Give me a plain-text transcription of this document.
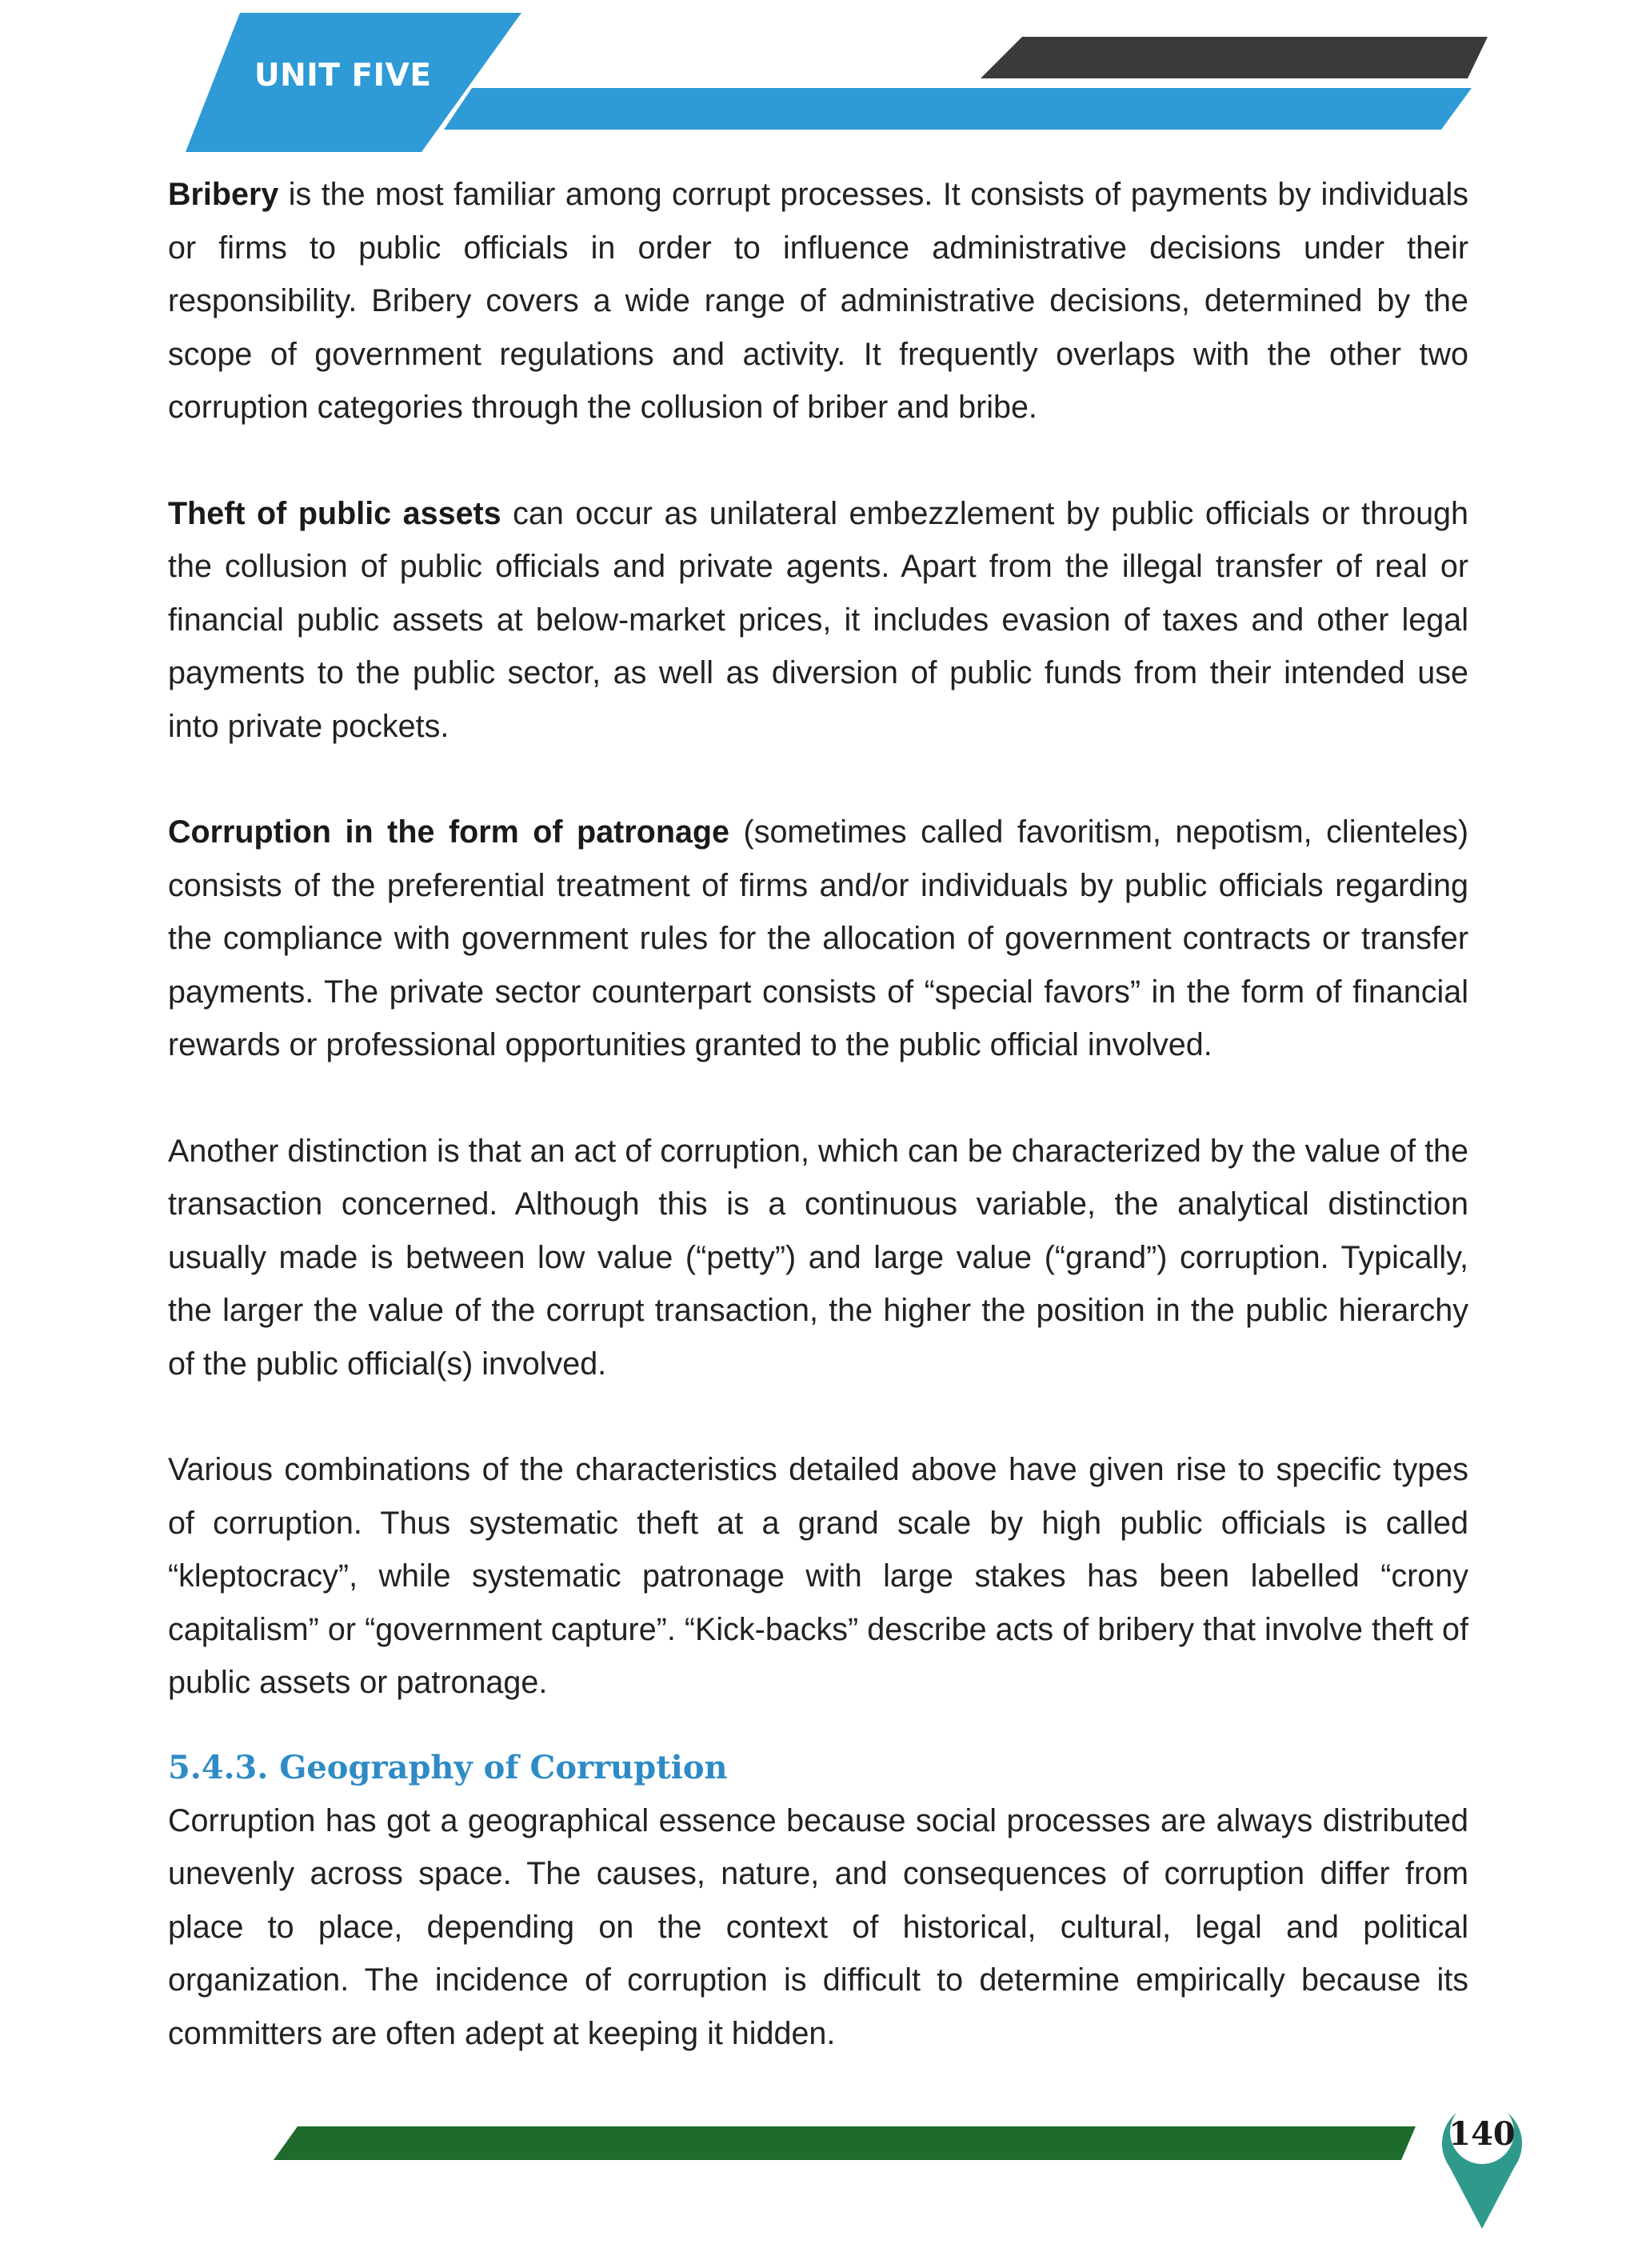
UNIT FIVE

Bribery is the most familiar among corrupt processes. It consists of payments by individuals or firms to public officials in order to influence administrative decisions under their responsibility. Bribery covers a wide range of administrative decisions, determined by the scope of government regulations and activity. It frequently overlaps with the other two corruption categories through the collusion of briber and bribe.

Theft of public assets can occur as unilateral embezzlement by public officials or through the collusion of public officials and private agents. Apart from the illegal transfer of real or financial public assets at below-market prices, it includes evasion of taxes and other legal payments to the public sector, as well as diversion of public funds from their intended use into private pockets.

Corruption in the form of patronage (sometimes called favoritism, nepotism, clienteles) consists of the preferential treatment of firms and/or individuals by public officials regarding the compliance with government rules for the allocation of government contracts or transfer payments. The private sector counterpart consists of “special favors” in the form of financial rewards or professional opportunities granted to the public official involved.

Another distinction is that an act of corruption, which can be characterized by the value of the transaction concerned. Although this is a continuous variable, the analytical distinction usually made is between low value (“petty”) and large value (“grand”) corruption. Typically, the larger the value of the corrupt transaction, the higher the position in the public hierarchy of the public official(s) involved.

Various combinations of the characteristics detailed above have given rise to specific types of corruption. Thus systematic theft at a grand scale by high public officials is called “kleptocracy”, while systematic patronage with large stakes has been labelled “crony capitalism” or “government capture”. “Kick-backs” describe acts of bribery that involve theft of public assets or patronage.

5.4.3. Geography of Corruption

Corruption has got a geographical essence because social processes are always distributed unevenly across space. The causes, nature, and consequences of corruption differ from place to place, depending on the context of historical, cultural, legal and political organization. The incidence of corruption is difficult to determine empirically because its committers are often adept at keeping it hidden.

140
